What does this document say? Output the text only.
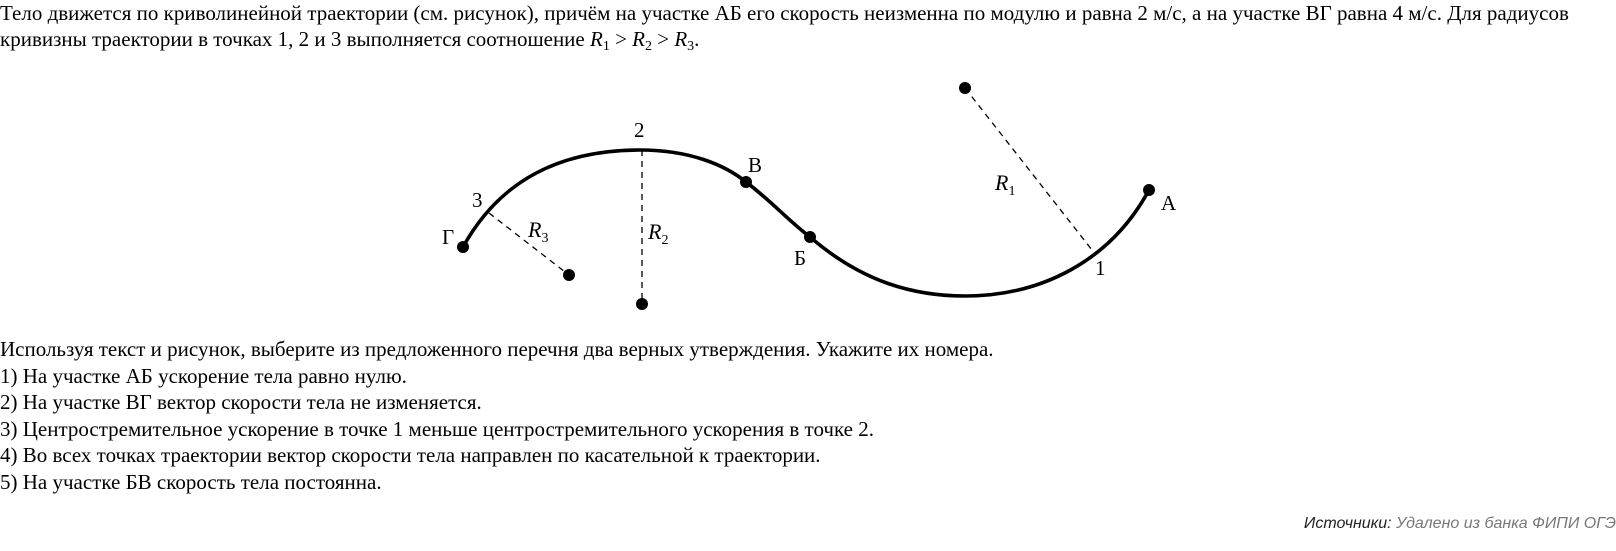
Тело движется по криволинейной траектории (см. рисунок), причём на участке АБ его скорость неизменна по модулю и равна 2 м/с, а на участке ВГ равна 4 м/с. Для радиусов кривизны траектории в точках 1, 2 и 3 выполняется соотношение $R_1 > R_2 > R_3$.
А
Б
В
Г
1
2
3
$R_1$
$R_2$
$R_3$

Используя текст и рисунок, выберите из предложенного перечня два верных утверждения. Укажите их номера.

1) На участке АБ ускорение тела равно нулю.
2) На участке ВГ вектор скорости тела не изменяется.
3) Центростремительное ускорение в точке 1 меньше центростремительного ускорения в точке 2.
4) Во всех точках траектории вектор скорости тела направлен по касательной к траектории.
5) На участке БВ скорость тела постоянна.
Источники: Удалено из банка ФИПИ ОГЭ
